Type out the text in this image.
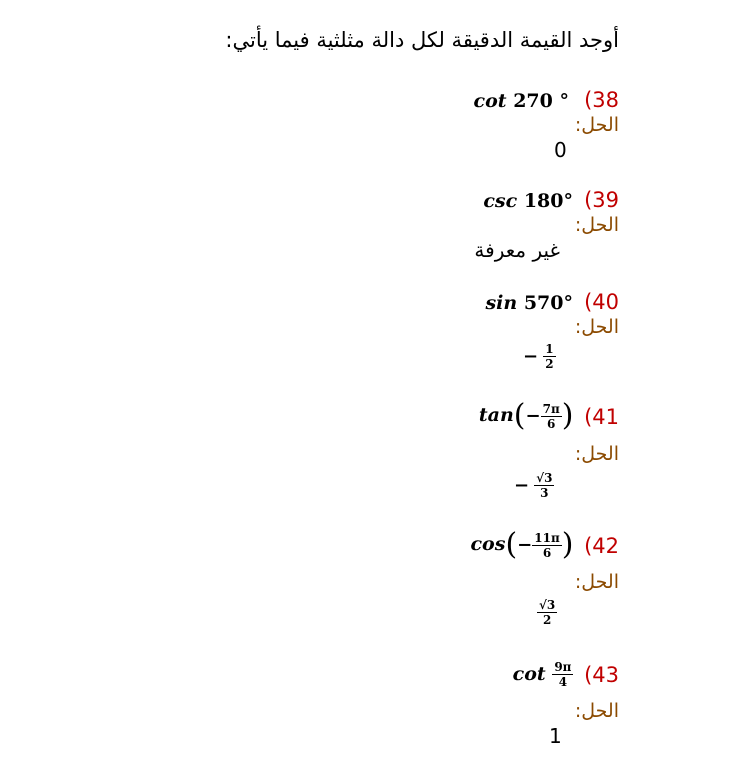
أوجد القيمة الدقيقة لكل دالة مثلثية فيما يأتي:
cot 270 ° (38
الحل:
0
csc 180° (39
الحل:
غير معرفة
sin 570° (40
الحل:
− $\frac{1}{2}$
$\tan(- \frac{7\pi}{6}$ ) (41
الحل:
− $\frac{√3}{3}$
$\cos(- \frac{11\pi}{6}$ ) (42
الحل:
$\frac{√3}{2}$
$\cot \frac{9\pi}{4} (43$
الحل:
1
